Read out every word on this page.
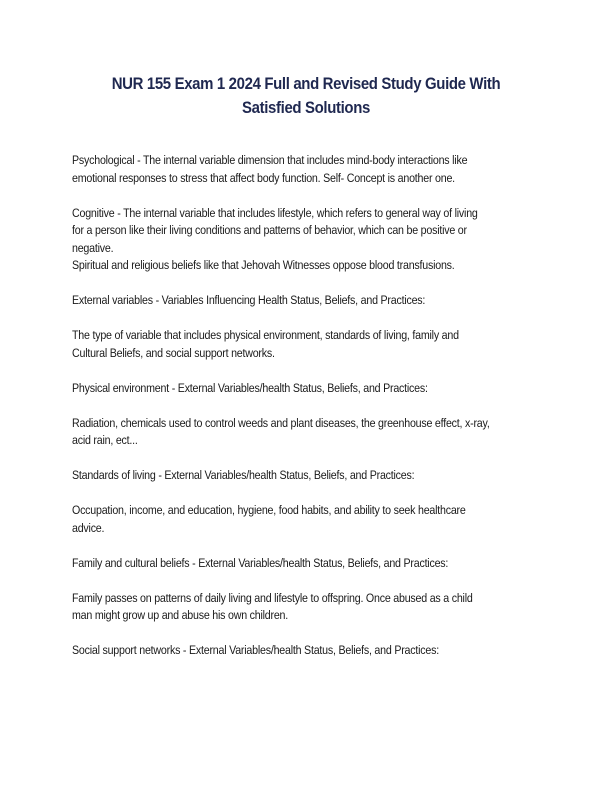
NUR 155 Exam 1 2024 Full and Revised Study Guide With
Satisfied Solutions

Psychological - The internal variable dimension that includes mind-body interactions like

emotional responses to stress that affect body function. Self- Concept is another one.

Cognitive - The internal variable that includes lifestyle, which refers to general way of living

for a person like their living conditions and patterns of behavior, which can be positive or

negative.

Spiritual and religious beliefs like that Jehovah Witnesses oppose blood transfusions.

External variables - Variables Influencing Health Status, Beliefs, and Practices:

The type of variable that includes physical environment, standards of living, family and

Cultural Beliefs, and social support networks.

Physical environment - External Variables/health Status, Beliefs, and Practices:

Radiation, chemicals used to control weeds and plant diseases, the greenhouse effect, x-ray,

acid rain, ect...

Standards of living - External Variables/health Status, Beliefs, and Practices:

Occupation, income, and education, hygiene, food habits, and ability to seek healthcare

advice.

Family and cultural beliefs - External Variables/health Status, Beliefs, and Practices:

Family passes on patterns of daily living and lifestyle to offspring. Once abused as a child

man might grow up and abuse his own children.

Social support networks - External Variables/health Status, Beliefs, and Practices:
